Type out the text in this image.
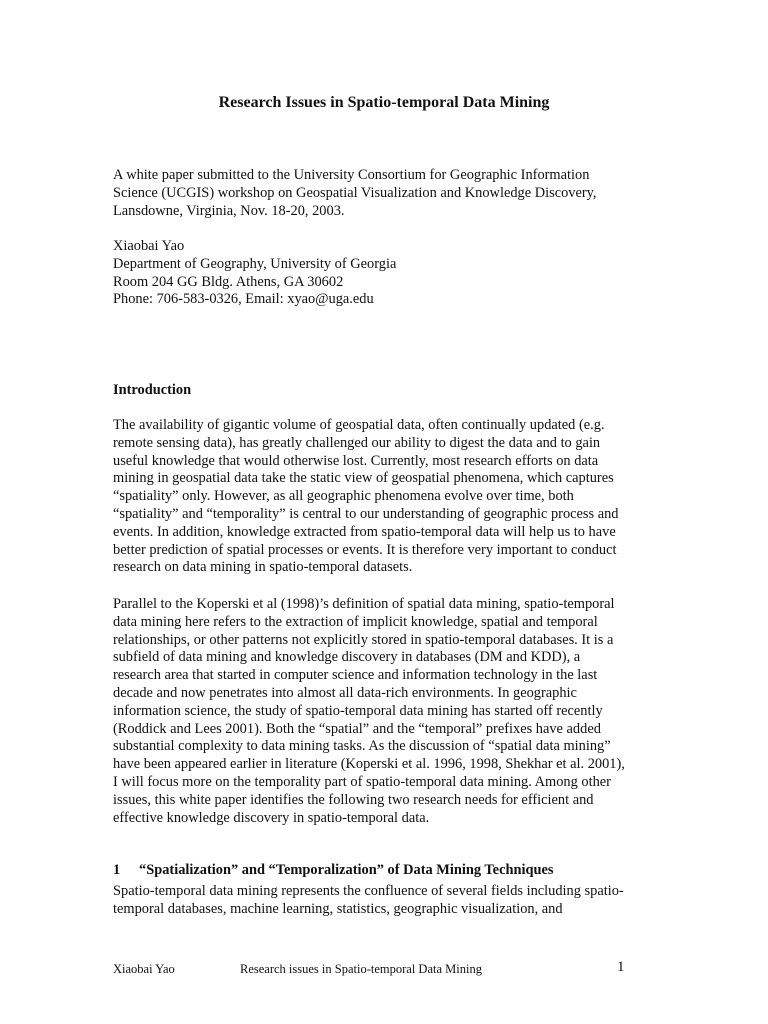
Research Issues in Spatio-temporal Data Mining
A white paper submitted to the University Consortium for Geographic Information
Science (UCGIS) workshop on Geospatial Visualization and Knowledge Discovery,
Lansdowne, Virginia, Nov. 18-20, 2003.
Xiaobai Yao
Department of Geography, University of Georgia
Room 204 GG Bldg. Athens, GA 30602
Phone: 706-583-0326, Email: xyao@uga.edu
Introduction
The availability of gigantic volume of geospatial data, often continually updated (e.g.
remote sensing data), has greatly challenged our ability to digest the data and to gain
useful knowledge that would otherwise lost. Currently, most research efforts on data
mining in geospatial data take the static view of geospatial phenomena, which captures
“spatiality” only. However, as all geographic phenomena evolve over time, both
“spatiality” and “temporality” is central to our understanding of geographic process and
events. In addition, knowledge extracted from spatio-temporal data will help us to have
better prediction of spatial processes or events. It is therefore very important to conduct
research on data mining in spatio-temporal datasets.
Parallel to the Koperski et al (1998)’s definition of spatial data mining, spatio-temporal
data mining here refers to the extraction of implicit knowledge, spatial and temporal
relationships, or other patterns not explicitly stored in spatio-temporal databases. It is a
subfield of data mining and knowledge discovery in databases (DM and KDD), a
research area that started in computer science and information technology in the last
decade and now penetrates into almost all data-rich environments. In geographic
information science, the study of spatio-temporal data mining has started off recently
(Roddick and Lees 2001). Both the “spatial” and the “temporal” prefixes have added
substantial complexity to data mining tasks. As the discussion of “spatial data mining”
have been appeared earlier in literature (Koperski et al. 1996, 1998, Shekhar et al. 2001),
I will focus more on the temporality part of spatio-temporal data mining. Among other
issues, this white paper identifies the following two research needs for efficient and
effective knowledge discovery in spatio-temporal data.
1 “Spatialization” and “Temporalization” of Data Mining Techniques
Spatio-temporal data mining represents the confluence of several fields including spatio-
temporal databases, machine learning, statistics, geographic visualization, and
Xiaobai Yao	Research issues in Spatio-temporal Data Mining	1
